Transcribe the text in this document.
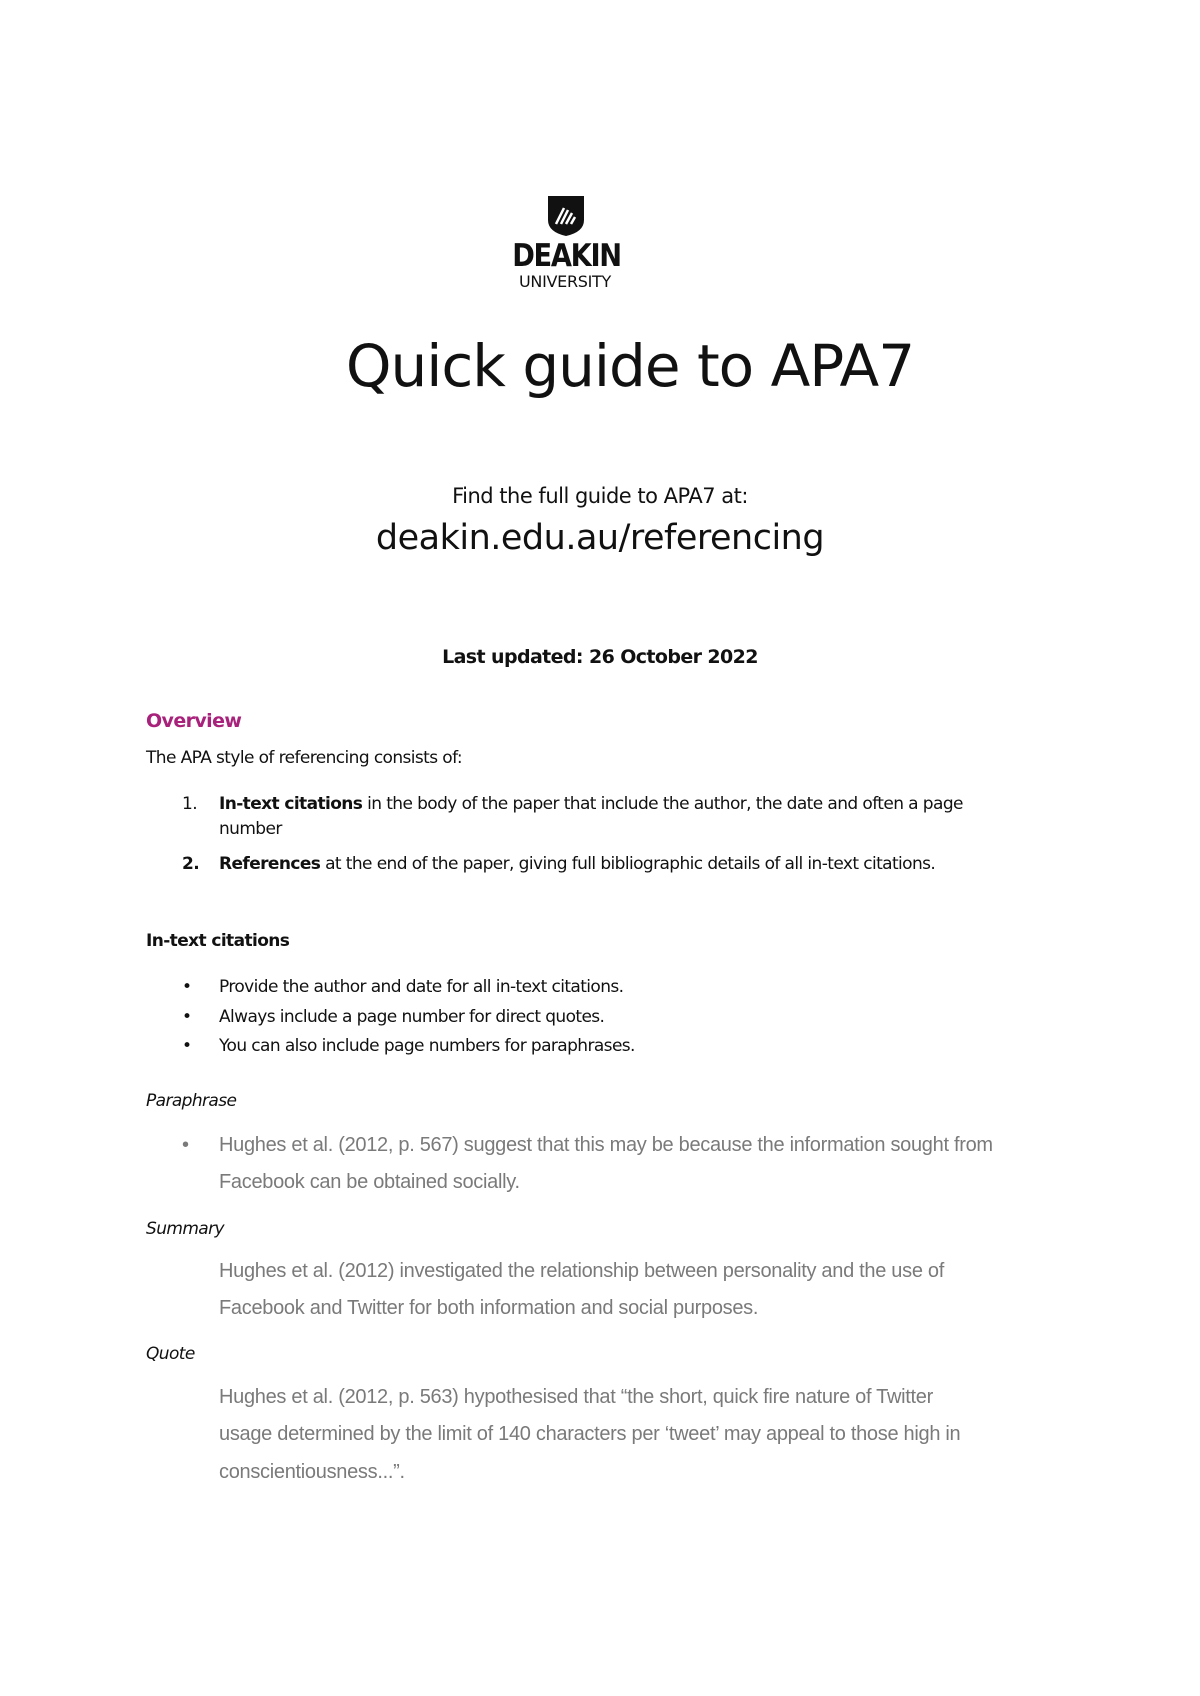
DEAKIN
UNIVERSITY
Quick guide to APA7
Find the full guide to APA7 at:
deakin.edu.au/referencing
Last updated: 26 October 2022
Overview
The APA style of referencing consists of:
1. In-text citations in the body of the paper that include the author, the date and often a page
number
2. References at the end of the paper, giving full bibliographic details of all in-text citations.
In-text citations
• Provide the author and date for all in-text citations.
• Always include a page number for direct quotes.
• You can also include page numbers for paraphrases.
Paraphrase
• Hughes et al. (2012, p. 567) suggest that this may be because the information sought from
Facebook can be obtained socially.
Summary
Hughes et al. (2012) investigated the relationship between personality and the use of
Facebook and Twitter for both information and social purposes.
Quote
Hughes et al. (2012, p. 563) hypothesised that “the short, quick fire nature of Twitter
usage determined by the limit of 140 characters per ‘tweet’ may appeal to those high in
conscientiousness...”.
